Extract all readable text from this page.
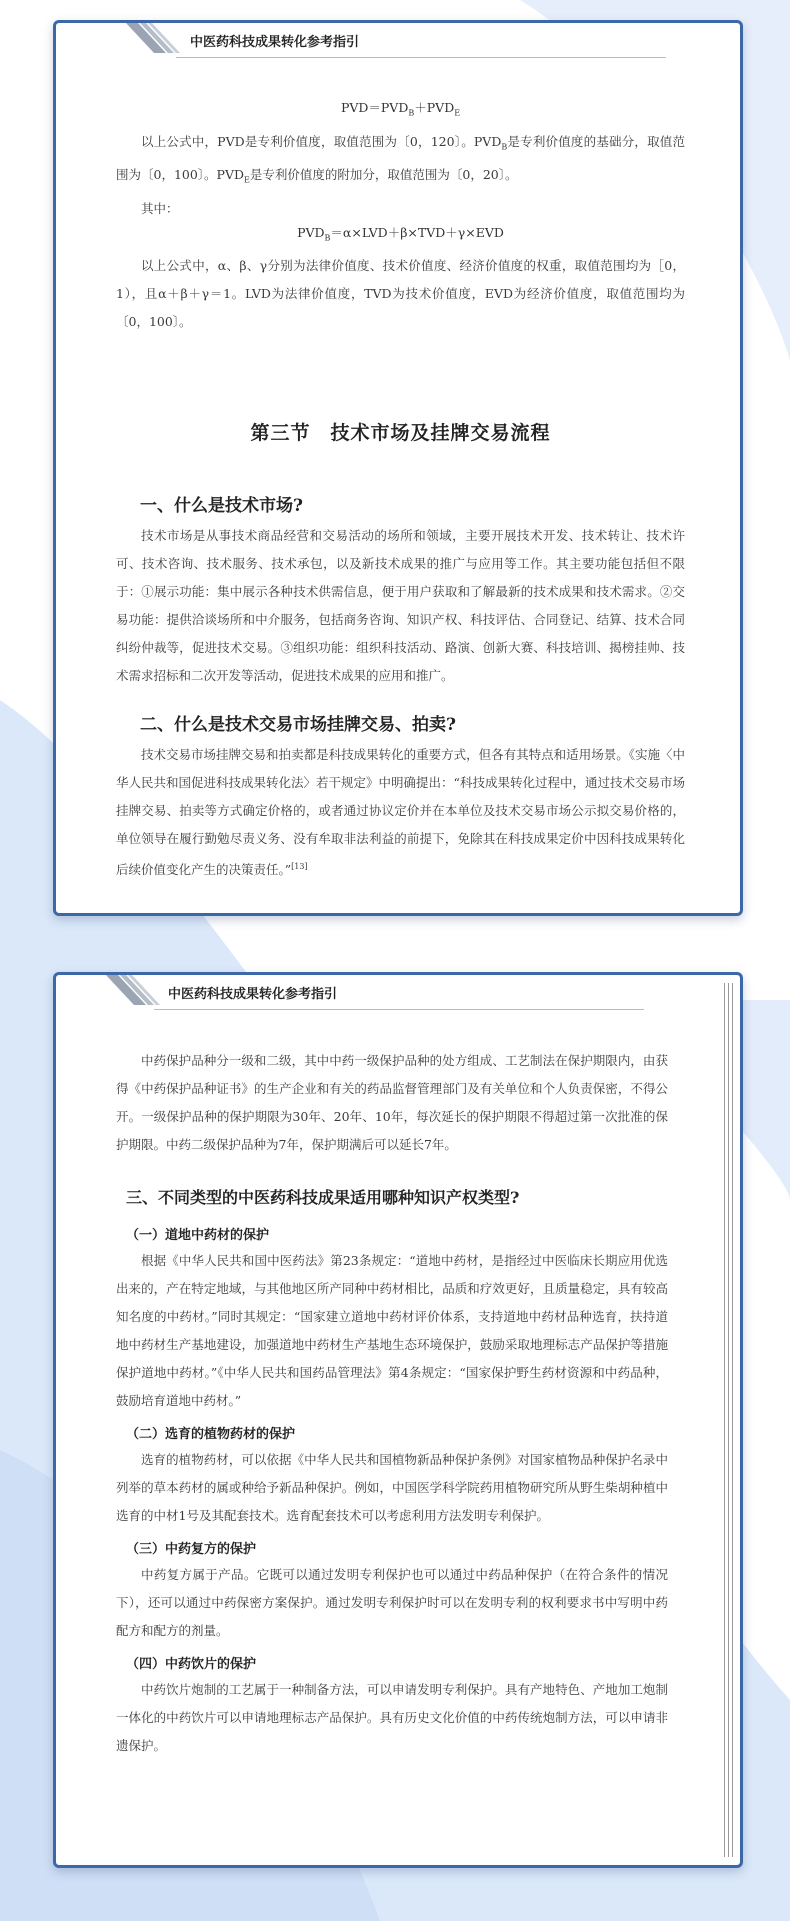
中医药科技成果转化参考指引

$PVD=PVD_B+PVD_E$

以上公式中，PVD是专利价值度，取值范围为〔0，120〕。$PVD_B$是专利价值度的基础分，取值范围为〔0，100〕。$PVD_E$是专利价值度的附加分，取值范围为〔0，20〕。

其中：

$PVD_B=\alpha\times LVD+\beta\times TVD+\gamma\times EVD$

以上公式中，α、β、γ分别为法律价值度、技术价值度、经济价值度的权重，取值范围均为［0，1），且α＋β＋γ＝1。LVD为法律价值度，TVD为技术价值度，EVD为经济价值度，取值范围均为〔0，100〕。

第三节　技术市场及挂牌交易流程
一、什么是技术市场?

技术市场是从事技术商品经营和交易活动的场所和领域，主要开展技术开发、技术转让、技术许可、技术咨询、技术服务、技术承包，以及新技术成果的推广与应用等工作。其主要功能包括但不限于：①展示功能：集中展示各种技术供需信息，便于用户获取和了解最新的技术成果和技术需求。②交易功能：提供洽谈场所和中介服务，包括商务咨询、知识产权、科技评估、合同登记、结算、技术合同纠纷仲裁等，促进技术交易。③组织功能：组织科技活动、路演、创新大赛、科技培训、揭榜挂帅、技术需求招标和二次开发等活动，促进技术成果的应用和推广。

二、什么是技术交易市场挂牌交易、拍卖?

技术交易市场挂牌交易和拍卖都是科技成果转化的重要方式，但各有其特点和适用场景。《实施〈中华人民共和国促进科技成果转化法〉若干规定》中明确提出：“科技成果转化过程中，通过技术交易市场挂牌交易、拍卖等方式确定价格的，或者通过协议定价并在本单位及技术交易市场公示拟交易价格的，单位领导在履行勤勉尽责义务、没有牟取非法利益的前提下，免除其在科技成果定价中因科技成果转化后续价值变化产生的决策责任。”[13]

中医药科技成果转化参考指引

中药保护品种分一级和二级，其中中药一级保护品种的处方组成、工艺制法在保护期限内，由获得《中药保护品种证书》的生产企业和有关的药品监督管理部门及有关单位和个人负责保密，不得公开。一级保护品种的保护期限为30年、20年、10年，每次延长的保护期限不得超过第一次批准的保护期限。中药二级保护品种为7年，保护期满后可以延长7年。

三、不同类型的中医药科技成果适用哪种知识产权类型?
（一）道地中药材的保护

根据《中华人民共和国中医药法》第23条规定：“道地中药材，是指经过中医临床长期应用优选出来的，产在特定地域，与其他地区所产同种中药材相比，品质和疗效更好，且质量稳定，具有较高知名度的中药材。”同时其规定：“国家建立道地中药材评价体系，支持道地中药材品种选育，扶持道地中药材生产基地建设，加强道地中药材生产基地生态环境保护，鼓励采取地理标志产品保护等措施保护道地中药材。”《中华人民共和国药品管理法》第4条规定：“国家保护野生药材资源和中药品种，鼓励培育道地中药材。”

（二）选育的植物药材的保护

选育的植物药材，可以依据《中华人民共和国植物新品种保护条例》对国家植物品种保护名录中列举的草本药材的属或种给予新品种保护。例如，中国医学科学院药用植物研究所从野生柴胡种植中选育的中材1号及其配套技术。选育配套技术可以考虑利用方法发明专利保护。

（三）中药复方的保护

中药复方属于产品。它既可以通过发明专利保护也可以通过中药品种保护（在符合条件的情况下），还可以通过中药保密方案保护。通过发明专利保护时可以在发明专利的权利要求书中写明中药配方和配方的剂量。

（四）中药饮片的保护

中药饮片炮制的工艺属于一种制备方法，可以申请发明专利保护。具有产地特色、产地加工炮制一体化的中药饮片可以申请地理标志产品保护。具有历史文化价值的中药传统炮制方法，可以申请非遗保护。
